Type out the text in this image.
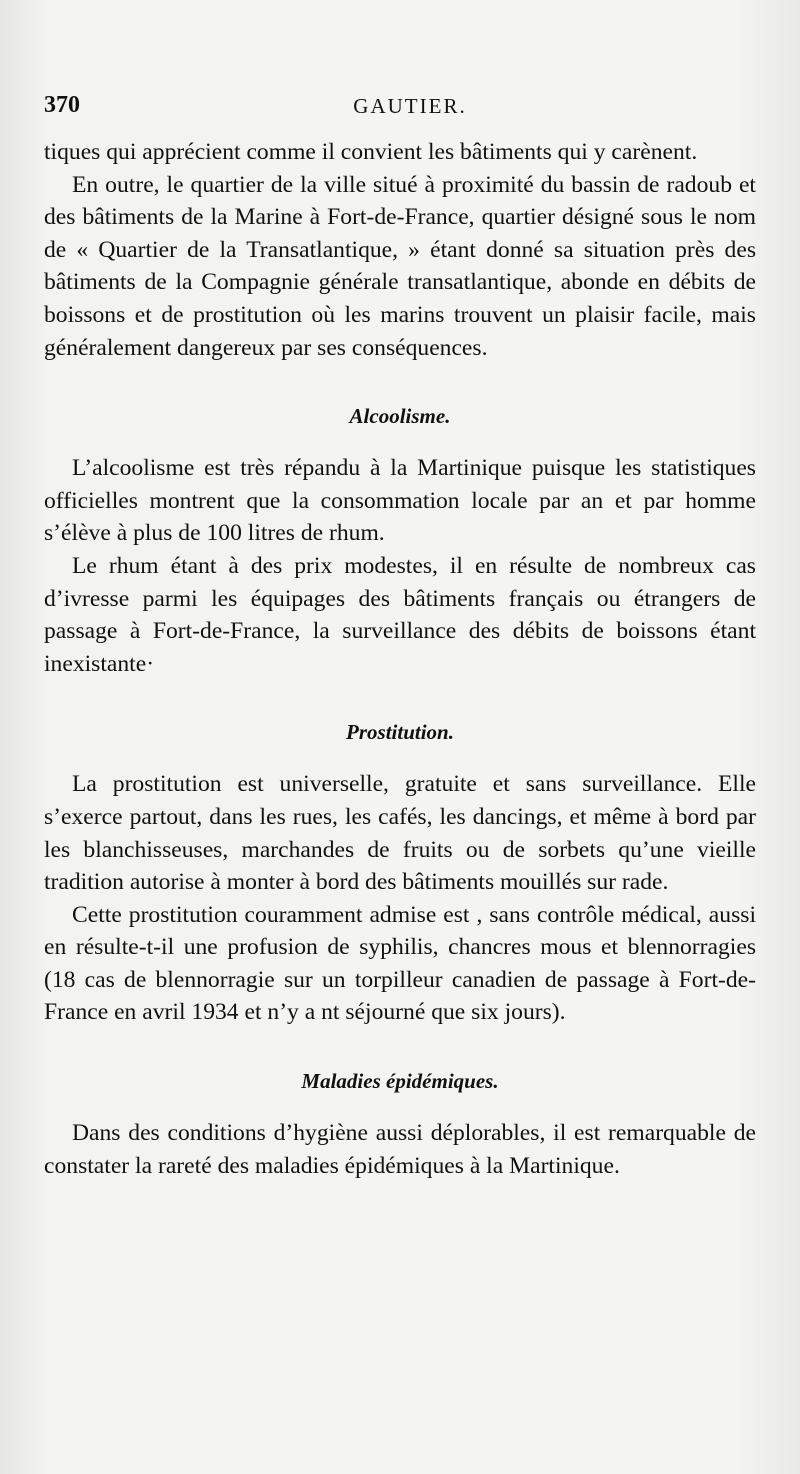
370	GAUTIER.

tiques qui apprécient comme il convient les bâtiments qui y carènent.

En outre, le quartier de la ville situé à proximité du bassin de radoub et des bâtiments de la Marine à Fort-de-France, quartier désigné sous le nom de « Quartier de la Transatlantique, » étant donné sa situation près des bâtiments de la Compagnie générale transatlantique, abonde en débits de boissons et de prostitution où les marins trouvent un plaisir facile, mais généralement dangereux par ses conséquences.

Alcoolisme.

L’alcoolisme est très répandu à la Martinique puisque les statistiques officielles montrent que la consommation locale par an et par homme s’élève à plus de 100 litres de rhum.

Le rhum étant à des prix modestes, il en résulte de nombreux cas d’ivresse parmi les équipages des bâtiments français ou étrangers de passage à Fort-de-France, la surveillance des débits de boissons étant inexistante·

Prostitution.

La prostitution est universelle, gratuite et sans surveillance. Elle s’exerce partout, dans les rues, les cafés, les dancings, et même à bord par les blanchisseuses, marchandes de fruits ou de sorbets qu’une vieille tradition autorise à monter à bord des bâtiments mouillés sur rade.

Cette prostitution couramment admise est , sans contrôle médical, aussi en résulte-t-il une profusion de syphilis, chancres mous et blennorragies (18 cas de blennorragie sur un torpilleur canadien de passage à Fort-de-France en avril 1934 et n’y a nt séjourné que six jours).

Maladies épidémiques.

Dans des conditions d’hygiène aussi déplorables, il est remarquable de constater la rareté des maladies épidémiques à la Martinique.
